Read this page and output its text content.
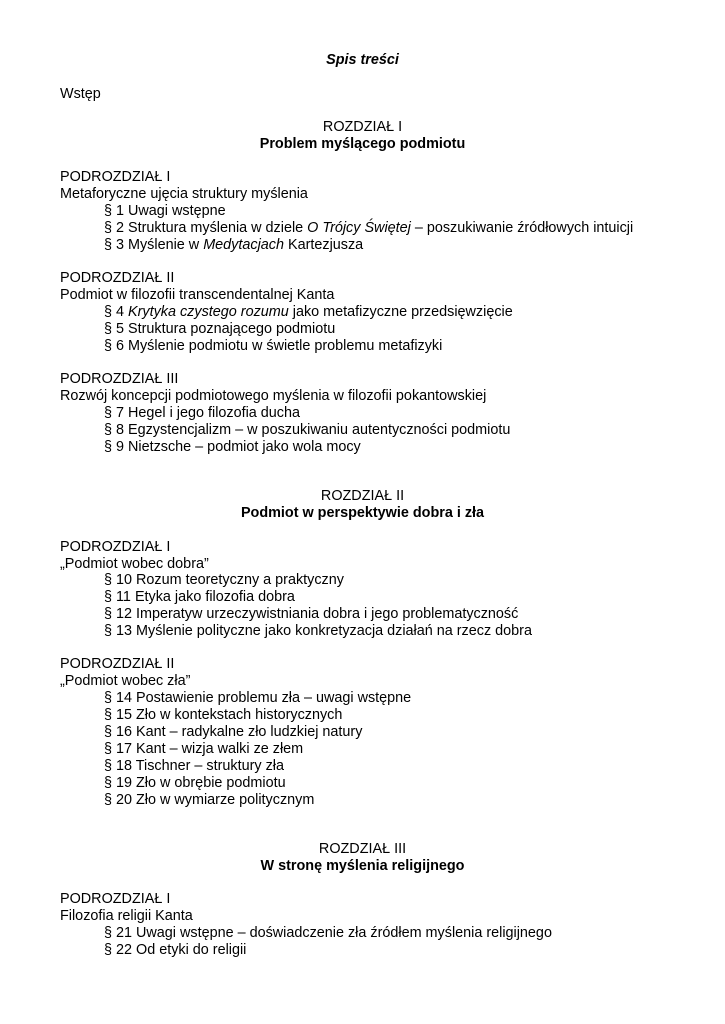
Spis treści
Wstęp
ROZDZIAŁ I
Problem myślącego podmiotu
PODROZDZIAŁ I
Metaforyczne ujęcia struktury myślenia
§ 1 Uwagi wstępne
§ 2 Struktura myślenia w dziele O Trójcy Świętej – poszukiwanie źródłowych intuicji
§ 3 Myślenie w Medytacjach Kartezjusza
PODROZDZIAŁ II
Podmiot w filozofii transcendentalnej Kanta
§ 4 Krytyka czystego rozumu jako metafizyczne przedsięwzięcie
§ 5 Struktura poznającego podmiotu
§ 6 Myślenie podmiotu w świetle problemu metafizyki
PODROZDZIAŁ III
Rozwój koncepcji podmiotowego myślenia w filozofii pokantowskiej
§ 7 Hegel i jego filozofia ducha
§ 8 Egzystencjalizm – w poszukiwaniu autentyczności podmiotu
§ 9 Nietzsche – podmiot jako wola mocy
ROZDZIAŁ II
Podmiot w perspektywie dobra i zła
PODROZDZIAŁ I
„Podmiot wobec dobra”
§ 10 Rozum teoretyczny a praktyczny
§ 11 Etyka jako filozofia dobra
§ 12 Imperatyw urzeczywistniania dobra i jego problematyczność
§ 13 Myślenie polityczne jako konkretyzacja działań na rzecz dobra
PODROZDZIAŁ II
„Podmiot wobec zła”
§ 14 Postawienie problemu zła – uwagi wstępne
§ 15 Zło w kontekstach historycznych
§ 16 Kant – radykalne zło ludzkiej natury
§ 17 Kant – wizja walki ze złem
§ 18 Tischner – struktury zła
§ 19 Zło w obrębie podmiotu
§ 20 Zło w wymiarze politycznym
ROZDZIAŁ III
W stronę myślenia religijnego
PODROZDZIAŁ I
Filozofia religii Kanta
§ 21 Uwagi wstępne – doświadczenie zła źródłem myślenia religijnego
§ 22 Od etyki do religii
